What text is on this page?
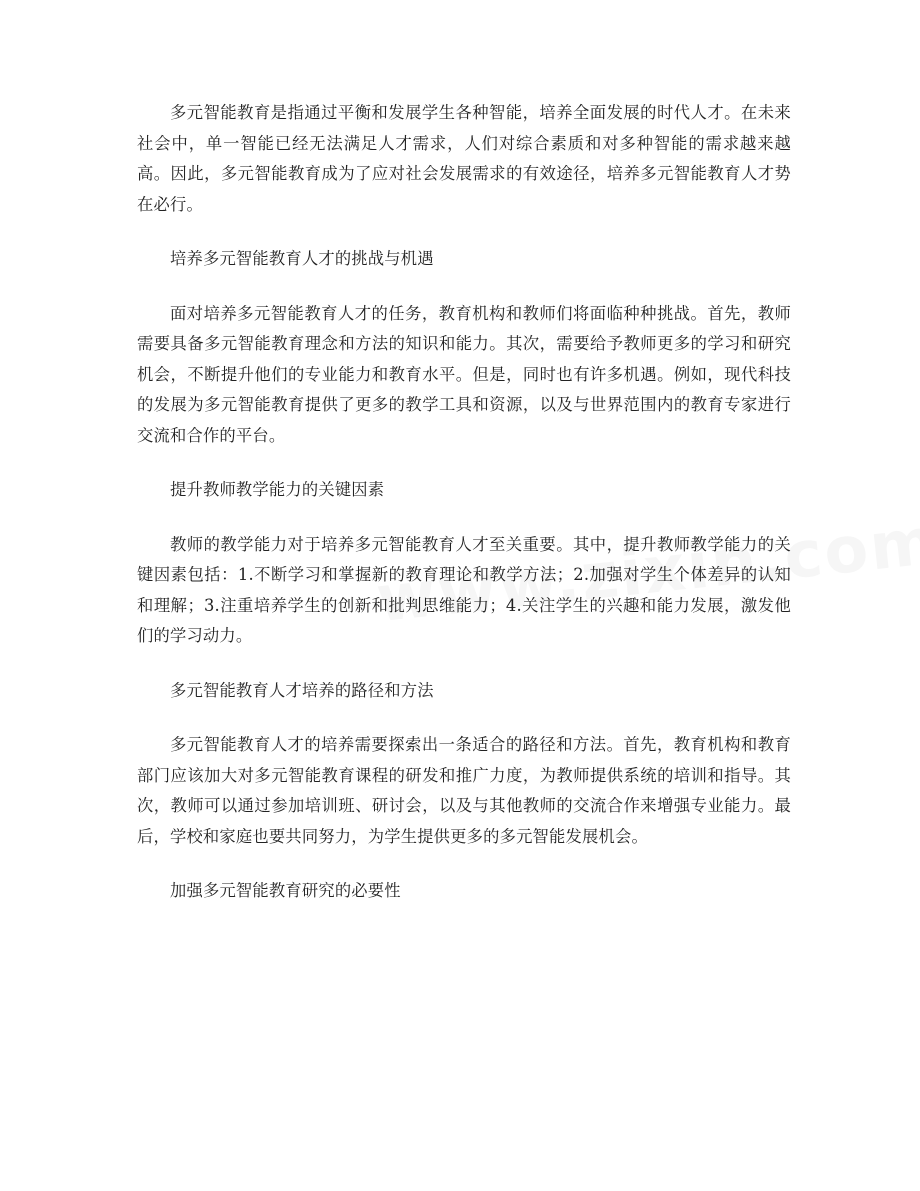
多元智能教育是指通过平衡和发展学生各种智能，培养全面发展的时代人才。在未来社会中，单一智能已经无法满足人才需求，人们对综合素质和对多种智能的需求越来越高。因此，多元智能教育成为了应对社会发展需求的有效途径，培养多元智能教育人才势在必行。

培养多元智能教育人才的挑战与机遇

面对培养多元智能教育人才的任务，教育机构和教师们将面临种种挑战。首先，教师需要具备多元智能教育理念和方法的知识和能力。其次，需要给予教师更多的学习和研究机会，不断提升他们的专业能力和教育水平。但是，同时也有许多机遇。例如，现代科技的发展为多元智能教育提供了更多的教学工具和资源，以及与世界范围内的教育专家进行交流和合作的平台。

提升教师教学能力的关键因素

教师的教学能力对于培养多元智能教育人才至关重要。其中，提升教师教学能力的关键因素包括：1.不断学习和掌握新的教育理论和教学方法；2.加强对学生个体差异的认知和理解；3.注重培养学生的创新和批判思维能力；4.关注学生的兴趣和能力发展，激发他们的学习动力。

多元智能教育人才培养的路径和方法

多元智能教育人才的培养需要探索出一条适合的路径和方法。首先，教育机构和教育部门应该加大对多元智能教育课程的研发和推广力度，为教师提供系统的培训和指导。其次，教师可以通过参加培训班、研讨会，以及与其他教师的交流合作来增强专业能力。最后，学校和家庭也要共同努力，为学生提供更多的多元智能发展机会。

加强多元智能教育研究的必要性
